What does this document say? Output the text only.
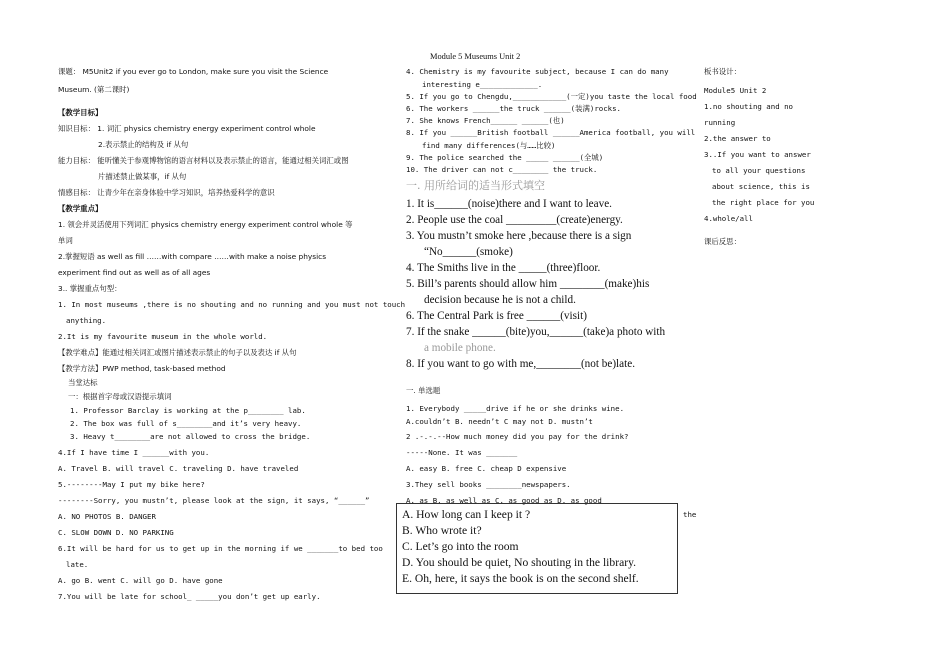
Module 5 Museums Unit 2
课题： M5Unit2 if you ever go to London, make sure you visit the Science
Museum. (第二课时)
【教学目标】
知识目标： 1. 词汇 physics chemistry energy experiment control whole
2.表示禁止的结构及 if 从句
能力目标： 能听懂关于参观博物馆的语言材料以及表示禁止的语言，能通过相关词汇或图
片描述禁止做某事，if 从句
情感目标： 让青少年在亲身体验中学习知识，培养热爱科学的意识
【教学重点】
1. 领会并灵活使用下列词汇 physics chemistry energy experiment control whole 等
单词
2.掌握短语 as well as fill ……with compare ……with make a noise physics
experiment find out as well as of all ages
3.. 掌握重点句型：
1. In most museums ,there is no shouting and no running and you must not touch
anything.
2.It is my favourite museum in the whole world.
【教学难点】能通过相关词汇或图片描述表示禁止的句子以及表达 if 从句
【教学方法】PWP method, task-based method
当堂达标
一：根据首字母或汉语提示填词
1. Professor Barclay is working at the p________ lab.
2. The box was full of s________and it’s very heavy.
3. Heavy t________are not allowed to cross the bridge.
4.If I have time I ______with you.
A. Travel B. will travel C. traveling D. have traveled
5.--------May I put my bike here?
--------Sorry, you mustn’t, please look at the sign, it says, “______”
A. NO PHOTOS B. DANGER
C. SLOW DOWN D. NO PARKING
6.It will be hard for us to get up in the morning if we _______to bed too
late.
A. go B. went C. will go D. have gone
7.You will be late for school_ _____you don’t get up early.
4. Chemistry is my favourite subject, because I can do many
interesting e_____________.
5. If you go to Chengdu,____________(一定)you taste the local food
6. The workers ______the truck ______(装满)rocks.
7. She knows French______ ______(也)
8. If you ______British football ______America football, you will
find many differences(与……比较)
9. The police searched the _____ ______(全城)
10. The driver can not c________ the truck.
一. 用所给词的适当形式填空
1. It is______(noise)there and I want to leave.
2. People use the coal _________(create)energy.
3. You mustn’t smoke here ,because there is a sign
“No______(smoke)
4. The Smiths live in the _____(three)floor.
5. Bill’s parents should allow him ________(make)his
decision because he is not a child.
6. The Central Park is free ______(visit)
7. If the snake ______(bite)you,______(take)a photo with
a mobile phone.
8. If you want to go with me,________(not be)late.
一. 单选题
1. Everybody _____drive if he or she drinks wine.
A.couldn’t B. needn’t C may not D. mustn’t
2 .-.-.--How much money did you pay for the drink?
-----None. It was _______
A. easy B. free C. cheap D expensive
3.They sell books ________newspapers.
A. as B. as well as C. as good as D. as good
the
A. How long can I keep it ?
B. Who wrote it?
C. Let’s go into the room
D. You should be quiet, No shouting in the library.
E. Oh, here, it says the book is on the second shelf.
板书设计：
Module5 Unit 2
1.no shouting and no
running
2.the answer to
3..If you want to answer
to all your questions
about science, this is
the right place for you
4.whole/all
课后反思：
